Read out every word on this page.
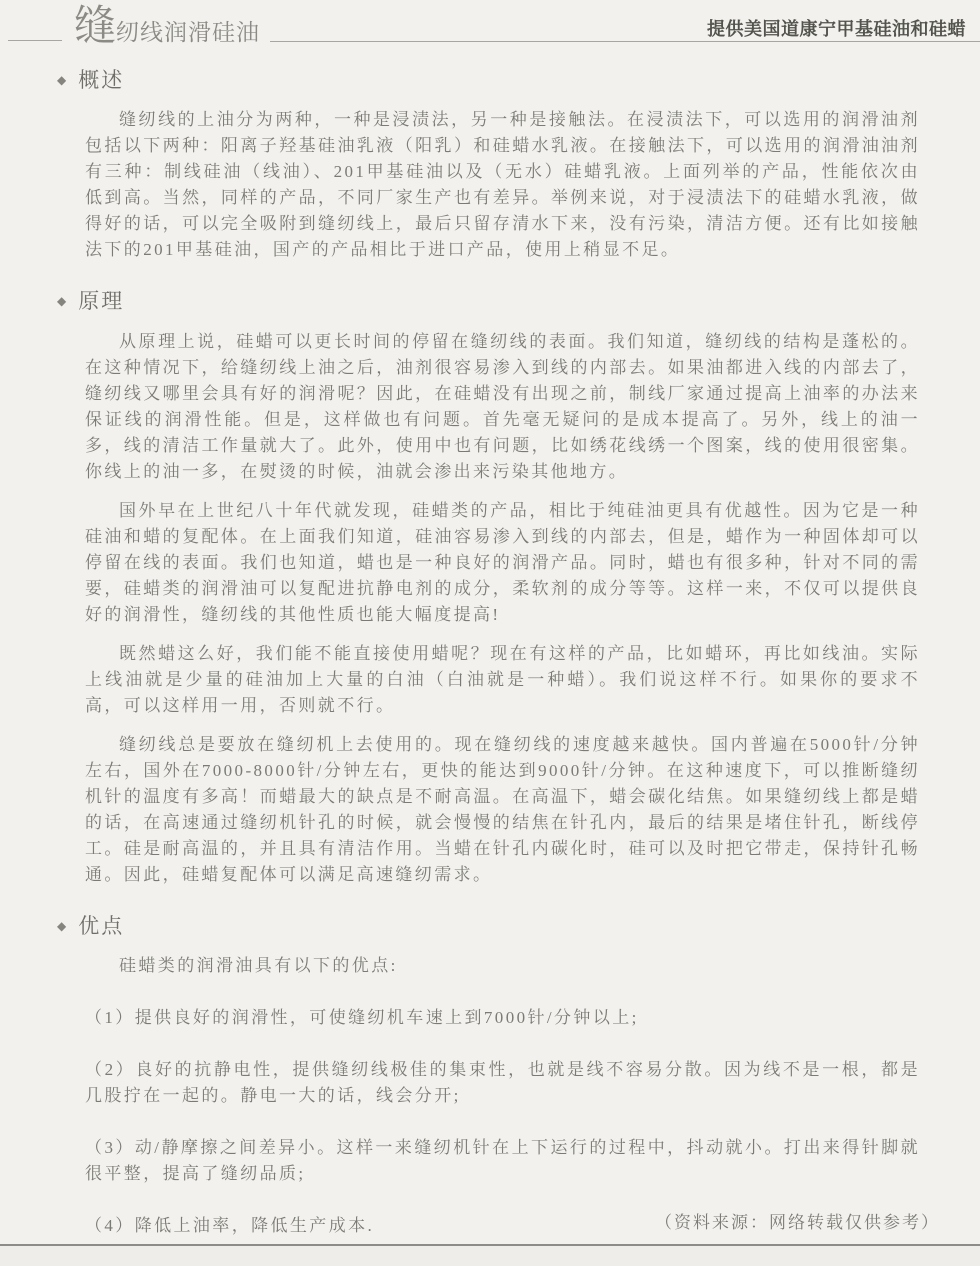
缝纫线润滑硅油	提供美国道康宁甲基硅油和硅蜡
◆ 概述

缝纫线的上油分为两种，一种是浸渍法，另一种是接触法。在浸渍法下，可以选用的润滑油剂包括以下两种：阳离子羟基硅油乳液（阳乳）和硅蜡水乳液。在接触法下，可以选用的润滑油油剂有三种：制线硅油（线油）、201甲基硅油以及（无水）硅蜡乳液。上面列举的产品，性能依次由低到高。当然，同样的产品，不同厂家生产也有差异。举例来说，对于浸渍法下的硅蜡水乳液，做得好的话，可以完全吸附到缝纫线上，最后只留存清水下来，没有污染，清洁方便。还有比如接触法下的201甲基硅油，国产的产品相比于进口产品，使用上稍显不足。

◆ 原理

从原理上说，硅蜡可以更长时间的停留在缝纫线的表面。我们知道，缝纫线的结构是蓬松的。在这种情况下，给缝纫线上油之后，油剂很容易渗入到线的内部去。如果油都进入线的内部去了，缝纫线又哪里会具有好的润滑呢？因此，在硅蜡没有出现之前，制线厂家通过提高上油率的办法来保证线的润滑性能。但是，这样做也有问题。首先毫无疑问的是成本提高了。另外，线上的油一多，线的清洁工作量就大了。此外，使用中也有问题，比如绣花线绣一个图案，线的使用很密集。你线上的油一多，在熨烫的时候，油就会渗出来污染其他地方。

国外早在上世纪八十年代就发现，硅蜡类的产品，相比于纯硅油更具有优越性。因为它是一种硅油和蜡的复配体。在上面我们知道，硅油容易渗入到线的内部去，但是，蜡作为一种固体却可以停留在线的表面。我们也知道，蜡也是一种良好的润滑产品。同时，蜡也有很多种，针对不同的需要，硅蜡类的润滑油可以复配进抗静电剂的成分，柔软剂的成分等等。这样一来，不仅可以提供良好的润滑性，缝纫线的其他性质也能大幅度提高!

既然蜡这么好，我们能不能直接使用蜡呢？现在有这样的产品，比如蜡环，再比如线油。实际上线油就是少量的硅油加上大量的白油（白油就是一种蜡）。我们说这样不行。如果你的要求不高，可以这样用一用，否则就不行。

缝纫线总是要放在缝纫机上去使用的。现在缝纫线的速度越来越快。国内普遍在5000针/分钟左右，国外在7000-8000针/分钟左右，更快的能达到9000针/分钟。在这种速度下，可以推断缝纫机针的温度有多高！而蜡最大的缺点是不耐高温。在高温下，蜡会碳化结焦。如果缝纫线上都是蜡的话，在高速通过缝纫机针孔的时候，就会慢慢的结焦在针孔内，最后的结果是堵住针孔，断线停工。硅是耐高温的，并且具有清洁作用。当蜡在针孔内碳化时，硅可以及时把它带走，保持针孔畅通。因此，硅蜡复配体可以满足高速缝纫需求。

◆ 优点

硅蜡类的润滑油具有以下的优点:

（1）提供良好的润滑性，可使缝纫机车速上到7000针/分钟以上;

（2）良好的抗静电性，提供缝纫线极佳的集束性，也就是线不容易分散。因为线不是一根，都是几股拧在一起的。静电一大的话，线会分开;

（3）动/静摩擦之间差异小。这样一来缝纫机针在上下运行的过程中，抖动就小。打出来得针脚就很平整，提高了缝纫品质;

（4）降低上油率，降低生产成本.	（资料来源：网络转载仅供参考）
